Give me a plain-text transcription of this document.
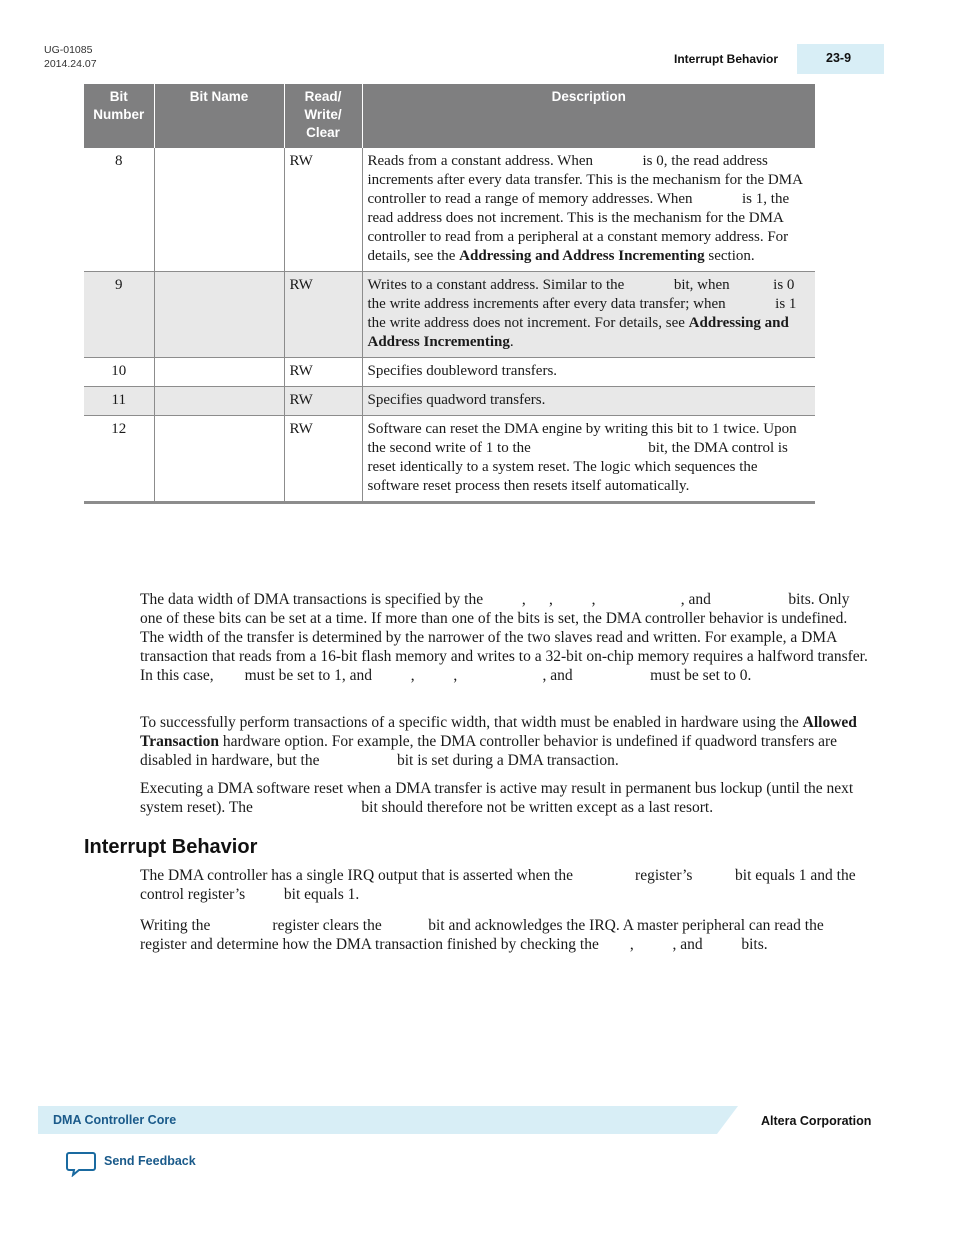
UG-01085
2014.24.07	Interrupt Behavior	23-9
Bit Number	Bit Name	Read/ Write/ Clear	Description
8		RW	Reads from a constant address. When is 0, the read address increments after every data transfer. This is the mechanism for the DMA controller to read a range of memory addresses. When is 1, the read address does not increment. This is the mechanism for the DMA controller to read from a peripheral at a constant memory address. For details, see the Addressing and Address Incrementing section.
9		RW	Writes to a constant address. Similar to the bit, when  is 0 the write address increments after every data transfer; when is 1 the write address does not increment. For details, see Addressing and Address Incrementing.
10		RW	Specifies doubleword transfers.
11		RW	Specifies quadword transfers.
12		RW	Software can reset the DMA engine by writing this bit to 1 twice. Upon the second write of 1 to the bit, the DMA control is reset identically to a system reset. The logic which sequences the software reset process then resets itself automatically.

The data width of DMA transactions is specified by the          ,      ,          ,                      , and                    bits. Only one of these bits can be set at a time. If more than one of the bits is set, the DMA controller behavior is undefined. The width of the transfer is determined by the narrower of the two slaves read and written. For example, a DMA transaction that reads from a 16-bit flash memory and writes to a 32-bit on-chip memory requires a halfword transfer. In this case,        must be set to 1, and          ,          ,                      , and                    must be set to 0.

To successfully perform transactions of a specific width, that width must be enabled in hardware using the Allowed Transaction hardware option. For example, the DMA controller behavior is undefined if quadword transfers are disabled in hardware, but the                    bit is set during a DMA transaction.

Executing a DMA software reset when a DMA transfer is active may result in permanent bus lockup (until the next system reset). The                            bit should therefore not be written except as a last resort.

Interrupt Behavior

The DMA controller has a single IRQ output that is asserted when the                register’s           bit equals 1 and the control register’s          bit equals 1.

Writing the                register clears the            bit and acknowledges the IRQ. A master peripheral can read the                register and determine how the DMA transaction finished by checking the        ,          , and          bits.

DMA Controller Core	Altera Corporation
Send Feedback
